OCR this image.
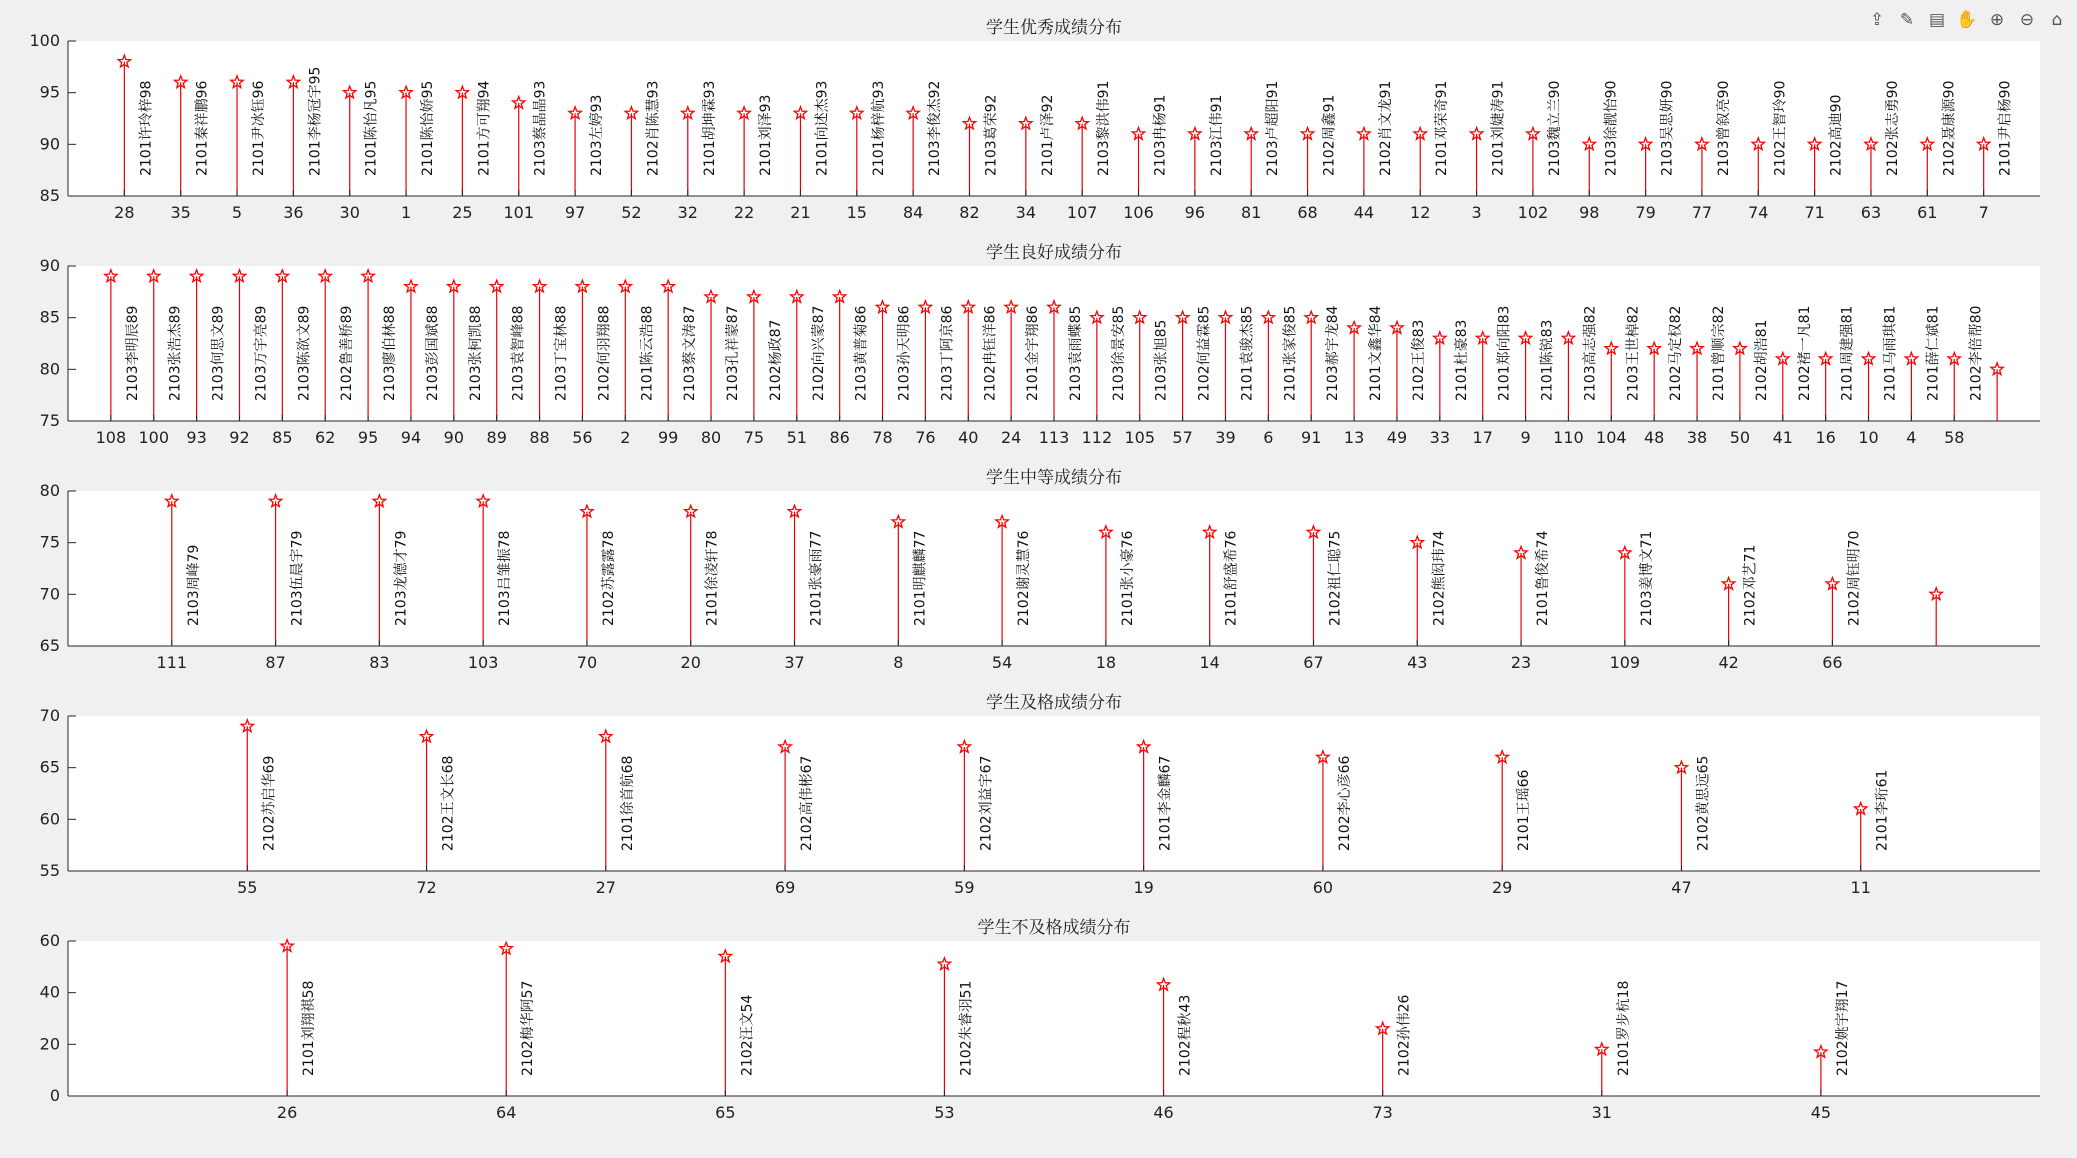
⇪ ✎ ▤ ✋ ⊕ ⊖	⌂
学生优秀成绩分布
85
90
95
100
28 35	5	36 30	1	25 101 97 52 32 22 21 15 84 82 34 107 106 96 81 68 44 12	3 102 98 79 77 74 71 63 61	7
2101许玲梓98	2101秦祥鹏96	2101尹冰钰96	2101李杨冠宇95	2101陈怡凡95	2101陈怡娇95	2101方可翔94	2103蔡晶晶93	2103左婷93	2102肖陈慧93	2101胡坤霖93	2101刘泽93	2101向述杰93	2101杨梓航93	2103李俊杰92	2103葛荣92	2101卢泽92	2103黎洪伟91	2103冉杨91	2103江伟91	2103卢超阳91	2102周鑫91	2102肖文龙91	2101邓荣奇91	2101刘婕涛91	2103魏立兰90	2103徐靓怡90	2103吴思妍90	2103曾叙亮90	2102王智玲90	2102高迪90	2102张志勇90	2102聂康源90	2101尹启杨90
学生良好成绩分布
75
80
85
90
108 100 93 92 85 62 95 94 90 89 88 56 2 99 80 75 51 86 78 76 40 24 113 112 105 57 39 6 91 13 49 33 17 9 110 104 48 38 50 41 16 10 4 58
2103李明辰89 2103张浩杰89 2103何思文89 2103万宇亮89 2103陈欲文89 2102鲁善桥89 2103廖伯林88 2103彭国斌88 2103张柯凯88 2103袁智峰88 2103丁宝林88 2102何羽翔88 2101陈云浩88 2103蔡文涛87 2103孔祥蒙87 2102杨政87 2102向兴蒙87 2103黄普菊86 2103孙天明86 2103丁阿京86 2102冉钰洋86 2101金宇翔86 2103袁雨蝶85 2103徐景安85 2103张旭85 2102何益霖85 2101袁骏杰85 2101张家俊85 2103郝宇龙84 2101文鑫华84 2102王俊83 2101杜豪83 2101郑向阳83 2101陈锐83 2103高志强82 2103王世棹82 2102马定权82 2101曾顺宗82 2102胡浩81 2102褚一凡81 2101周建强81 2101马雨琪81 2101薛仁斌81 2102李倍帮80
学生中等成绩分布
65
70
75
80
111	87	83	103	70	20	37	8	54	18	14	67	43	23	109	42	66
2103周峰79	2103伍晨宇79	2103龙德才79	2103吕雏振78	2102苏露露78	2101徐凌轩78	2101张豪雨77	2101明麒麟77	2102谢灵慧76	2101张小豪76	2101舒盛希76	2102祖仁聪75	2102熊闳玮74	2101鲁俊希74	2103姜博文71	2102邓艺71	2102周钰明70
学生及格成绩分布
55
60
65
70
55	72	27	69	59	19	60	29	47	11
2102苏启华69	2102王文长68	2101徐首航68	2102高伟彬67	2102刘益宇67	2101李金麟67	2102李心彦66	2101王瑶66	2102黄思远65	2101李珩61
学生不及格成绩分布
0
20
40
60
26	64	65	53	46	73	31	45
2101刘翔祺58	2102梅华阿57	2102汪文54	2102朱睿羽51	2102程秋43	2102孙伟26	2101罗步杭18	2102姚宇翔17
